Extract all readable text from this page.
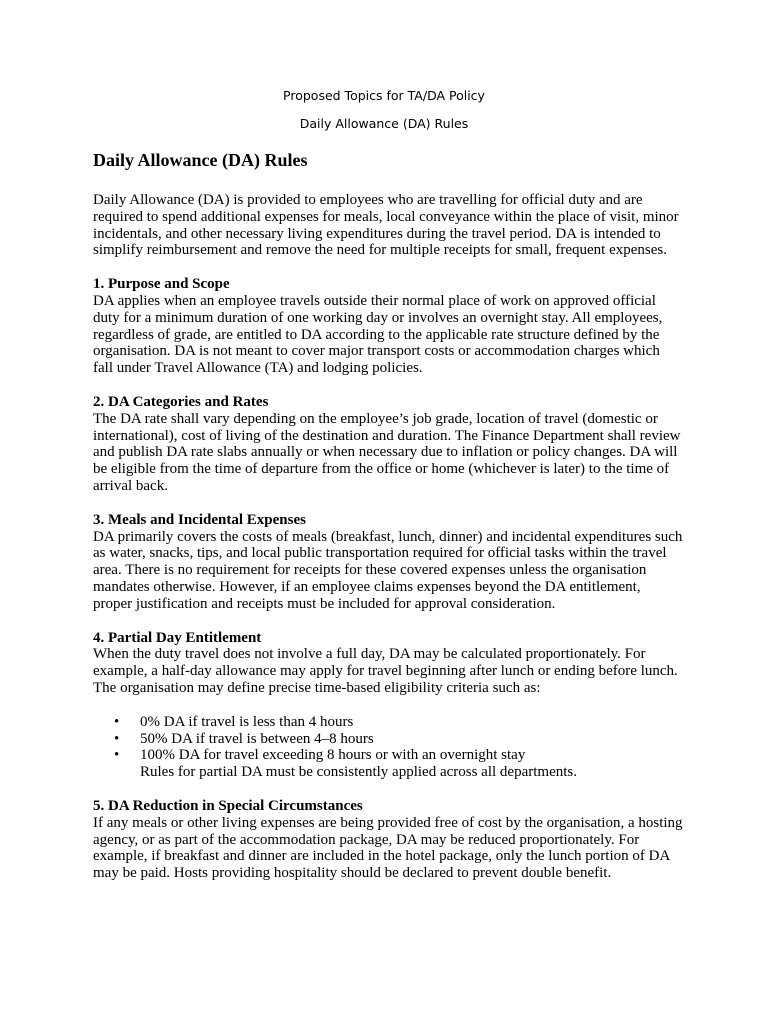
Proposed Topics for TA/DA Policy
Daily Allowance (DA) Rules
Daily Allowance (DA) Rules

Daily Allowance (DA) is provided to employees who are travelling for official duty and are required to spend additional expenses for meals, local conveyance within the place of visit, minor incidentals, and other necessary living expenditures during the travel period. DA is intended to simplify reimbursement and remove the need for multiple receipts for small, frequent expenses.

1. Purpose and Scope

DA applies when an employee travels outside their normal place of work on approved official duty for a minimum duration of one working day or involves an overnight stay. All employees, regardless of grade, are entitled to DA according to the applicable rate structure defined by the organisation. DA is not meant to cover major transport costs or accommodation charges which fall under Travel Allowance (TA) and lodging policies.

2. DA Categories and Rates

The DA rate shall vary depending on the employee’s job grade, location of travel (domestic or international), cost of living of the destination and duration. The Finance Department shall review and publish DA rate slabs annually or when necessary due to inflation or policy changes. DA will be eligible from the time of departure from the office or home (whichever is later) to the time of arrival back.

3. Meals and Incidental Expenses

DA primarily covers the costs of meals (breakfast, lunch, dinner) and incidental expenditures such as water, snacks, tips, and local public transportation required for official tasks within the travel area. There is no requirement for receipts for these covered expenses unless the organisation mandates otherwise. However, if an employee claims expenses beyond the DA entitlement, proper justification and receipts must be included for approval consideration.

4. Partial Day Entitlement

When the duty travel does not involve a full day, DA may be calculated proportionately. For example, a half-day allowance may apply for travel beginning after lunch or ending before lunch. The organisation may define precise time-based eligibility criteria such as:

• 0% DA if travel is less than 4 hours
• 50% DA if travel is between 4–8 hours
• 100% DA for travel exceeding 8 hours or with an overnight stay

Rules for partial DA must be consistently applied across all departments.

5. DA Reduction in Special Circumstances

If any meals or other living expenses are being provided free of cost by the organisation, a hosting agency, or as part of the accommodation package, DA may be reduced proportionately. For example, if breakfast and dinner are included in the hotel package, only the lunch portion of DA may be paid. Hosts providing hospitality should be declared to prevent double benefit.
